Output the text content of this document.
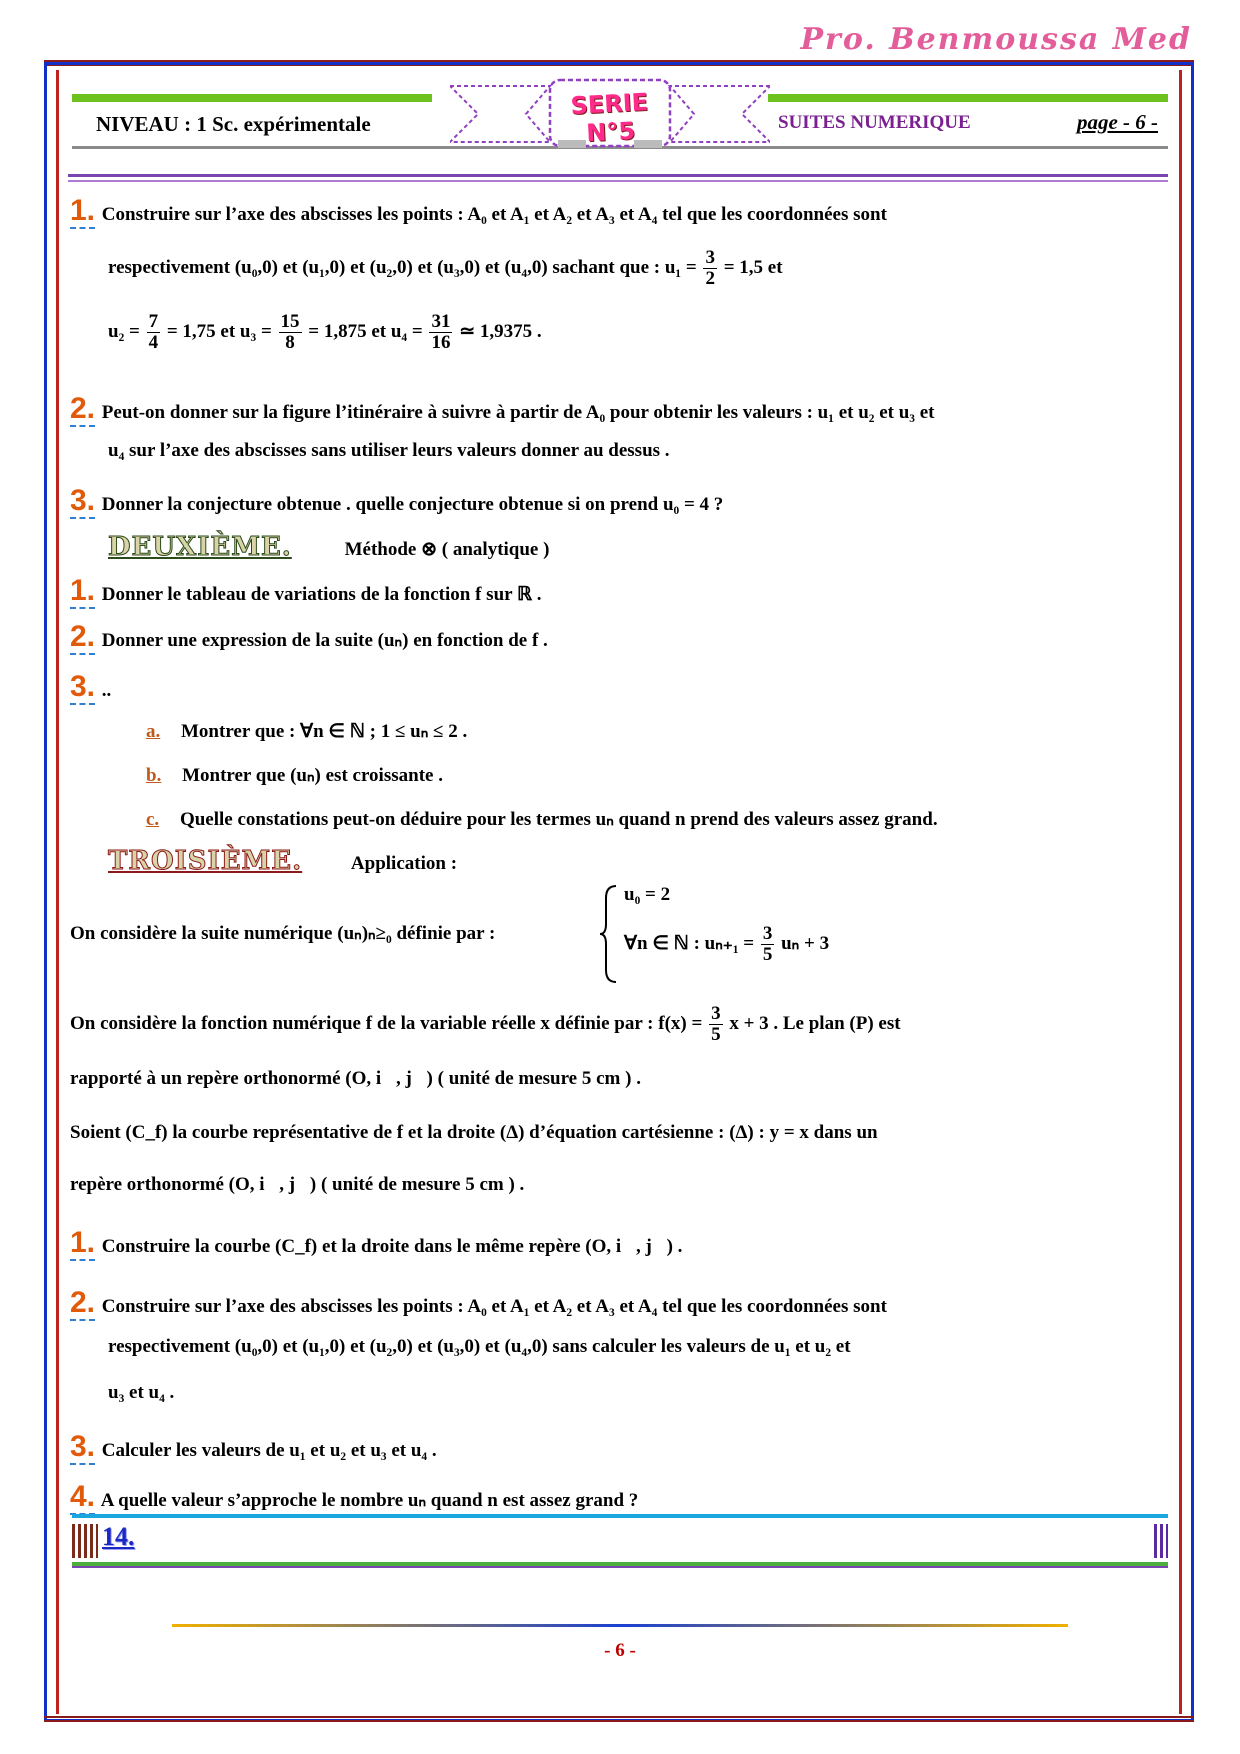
Pro. Benmoussa Med
NIVEAU : 1 Sc. expérimentale
SERIE N°5	SUITES NUMERIQUE	page - 6 -
1. Construire sur l’axe des abscisses les points : A₀ et A₁ et A₂ et A₃ et A₄ tel que les coordonnées sont
respectivement (u₀,0) et (u₁,0) et (u₂,0) et (u₃,0) et (u₄,0) sachant que : $u_1 = \frac{3}{2} = 1,5$ et
$u_2 = \frac{7}{4} = 1,75$ et $u_3 = \frac{15}{8} = 1,875$ et $u_4 = \frac{31}{16}$ ≃ 1,9375 .
2. Peut-on donner sur la figure l’itinéraire à suivre à partir de A₀ pour obtenir les valeurs : u₁ et u₂ et u₃ et
u₄ sur l’axe des abscisses sans utiliser leurs valeurs donner au dessus .
3. Donner la conjecture obtenue . quelle conjecture obtenue si on prend u₀ = 4 ?
DEUXIÈME.	Méthode ⊗ ( analytique )
1. Donner le tableau de variations de la fonction f sur ℝ .
2. Donner une expression de la suite (uₙ) en fonction de f .
3. ..
a. Montrer que : ∀n ∈ ℕ ; 1 ≤ uₙ ≤ 2 .
b. Montrer que (uₙ) est croissante .
c. Quelle constations peut-on déduire pour les termes uₙ quand n prend des valeurs assez grand.
TROISIÈME.	Application :
On considère la suite numérique (uₙ)ₙ≥₀ définie par :
u₀ = 2
∀n ∈ ℕ : $u_{n+1} = \frac{3}{5}$ uₙ + 3
On considère la fonction numérique f de la variable réelle x définie par : $f(x) = \frac{3}{5}$ x + 3 . Le plan (P) est
rapporté à un repère orthonormé (O, i⃗, j⃗) ( unité de mesure 5 cm ) .
Soient (C_f) la courbe représentative de f et la droite (Δ) d’équation cartésienne : (Δ) : y = x dans un
repère orthonormé (O, i⃗, j⃗) ( unité de mesure 5 cm ) .
1. Construire la courbe (C_f) et la droite dans le même repère (O, i⃗, j⃗) .
2. Construire sur l’axe des abscisses les points : A₀ et A₁ et A₂ et A₃ et A₄ tel que les coordonnées sont
respectivement (u₀,0) et (u₁,0) et (u₂,0) et (u₃,0) et (u₄,0) sans calculer les valeurs de u₁ et u₂ et
u₃ et u₄ .
3. Calculer les valeurs de u₁ et u₂ et u₃ et u₄ .
4. A quelle valeur s’approche le nombre uₙ quand n est assez grand ?
14.
- 6 -
